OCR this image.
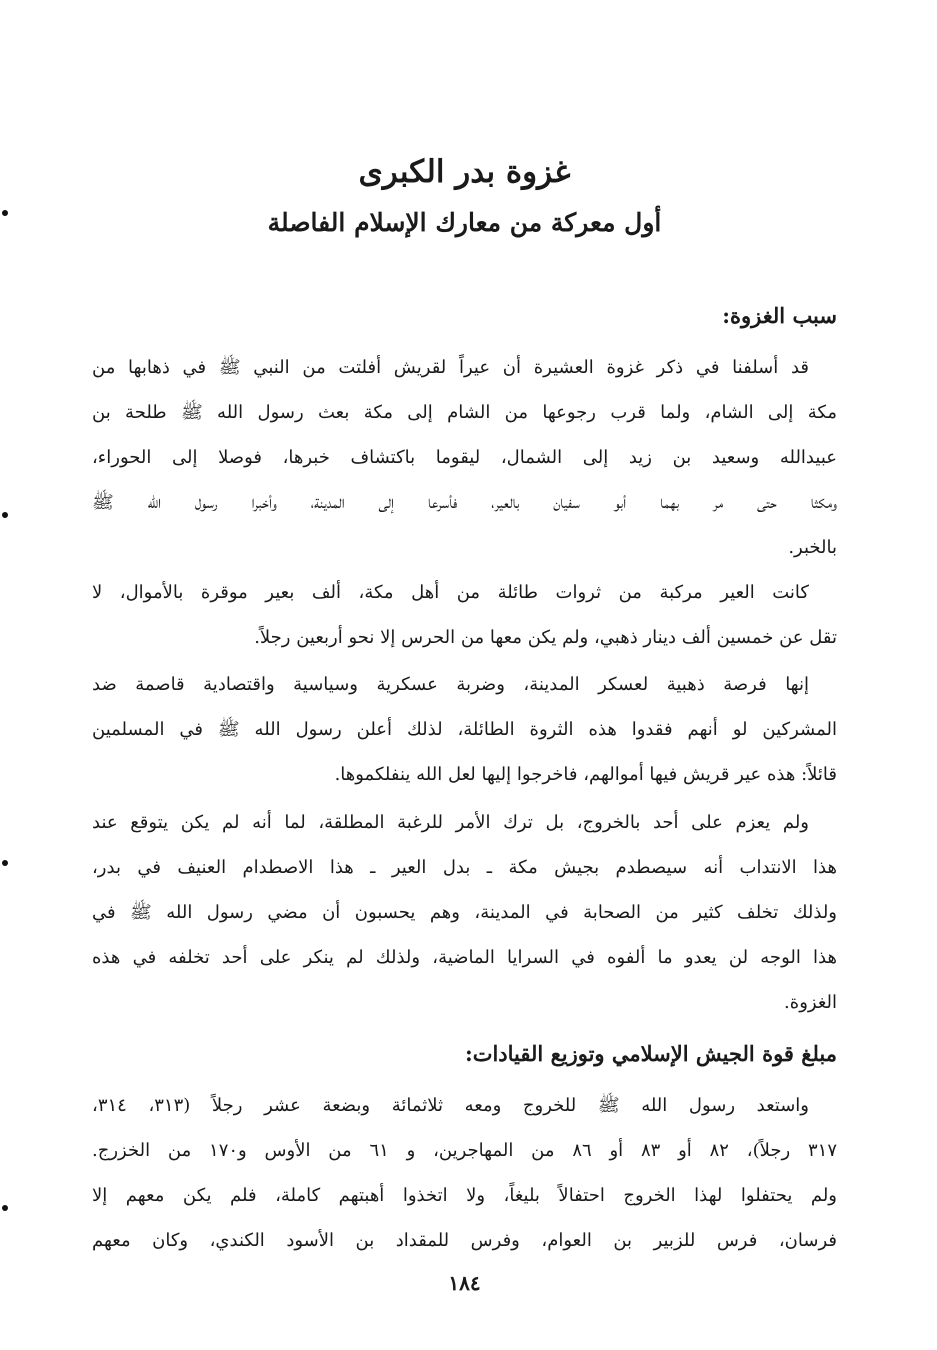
غزوة بدر الكبرى
أول معركة من معارك الإسلام الفاصلة
سبب الغزوة:

قد أسلفنا في ذكر غزوة العشيرة أن عيراً لقريش أفلتت من النبي ﷺ في ذهابها من
مكة إلى الشام، ولما قرب رجوعها من الشام إلى مكة بعث رسول الله ﷺ طلحة بن
عبيدالله وسعيد بن زيد إلى الشمال، ليقوما باكتشاف خبرها، فوصلا إلى الحوراء،
ومكثا حتى مر بهما أبو سفيان بالعير، فأسرعا إلى المدينة، وأخبرا رسول الله ﷺ
بالخبر.

كانت العير مركبة من ثروات طائلة من أهل مكة، ألف بعير موقرة بالأموال، لا
تقل عن خمسين ألف دينار ذهبي، ولم يكن معها من الحرس إلا نحو أربعين رجلاً.

إنها فرصة ذهبية لعسكر المدينة، وضربة عسكرية وسياسية واقتصادية قاصمة ضد
المشركين لو أنهم فقدوا هذه الثروة الطائلة، لذلك أعلن رسول الله ﷺ في المسلمين
قائلاً: هذه عير قريش فيها أموالهم، فاخرجوا إليها لعل الله ينفلكموها.

ولم يعزم على أحد بالخروج، بل ترك الأمر للرغبة المطلقة، لما أنه لم يكن يتوقع عند
هذا الانتداب أنه سيصطدم بجيش مكة ـ بدل العير ـ هذا الاصطدام العنيف في بدر،
ولذلك تخلف كثير من الصحابة في المدينة، وهم يحسبون أن مضي رسول الله ﷺ في
هذا الوجه لن يعدو ما ألفوه في السرايا الماضية، ولذلك لم ينكر على أحد تخلفه في هذه
الغزوة.

مبلغ قوة الجيش الإسلامي وتوزيع القيادات:

واستعد رسول الله ﷺ للخروج ومعه ثلاثمائة وبضعة عشر رجلاً (٣١٣، ٣١٤،
٣١٧ رجلاً)، ٨٢ أو ٨٣ أو ٨٦ من المهاجرين، و ٦١ من الأوس و١٧٠ من الخزرج.
ولم يحتفلوا لهذا الخروج احتفالاً بليغاً، ولا اتخذوا أهبتهم كاملة، فلم يكن معهم إلا
فرسان، فرس للزبير بن العوام، وفرس للمقداد بن الأسود الكندي، وكان معهم

١٨٤
